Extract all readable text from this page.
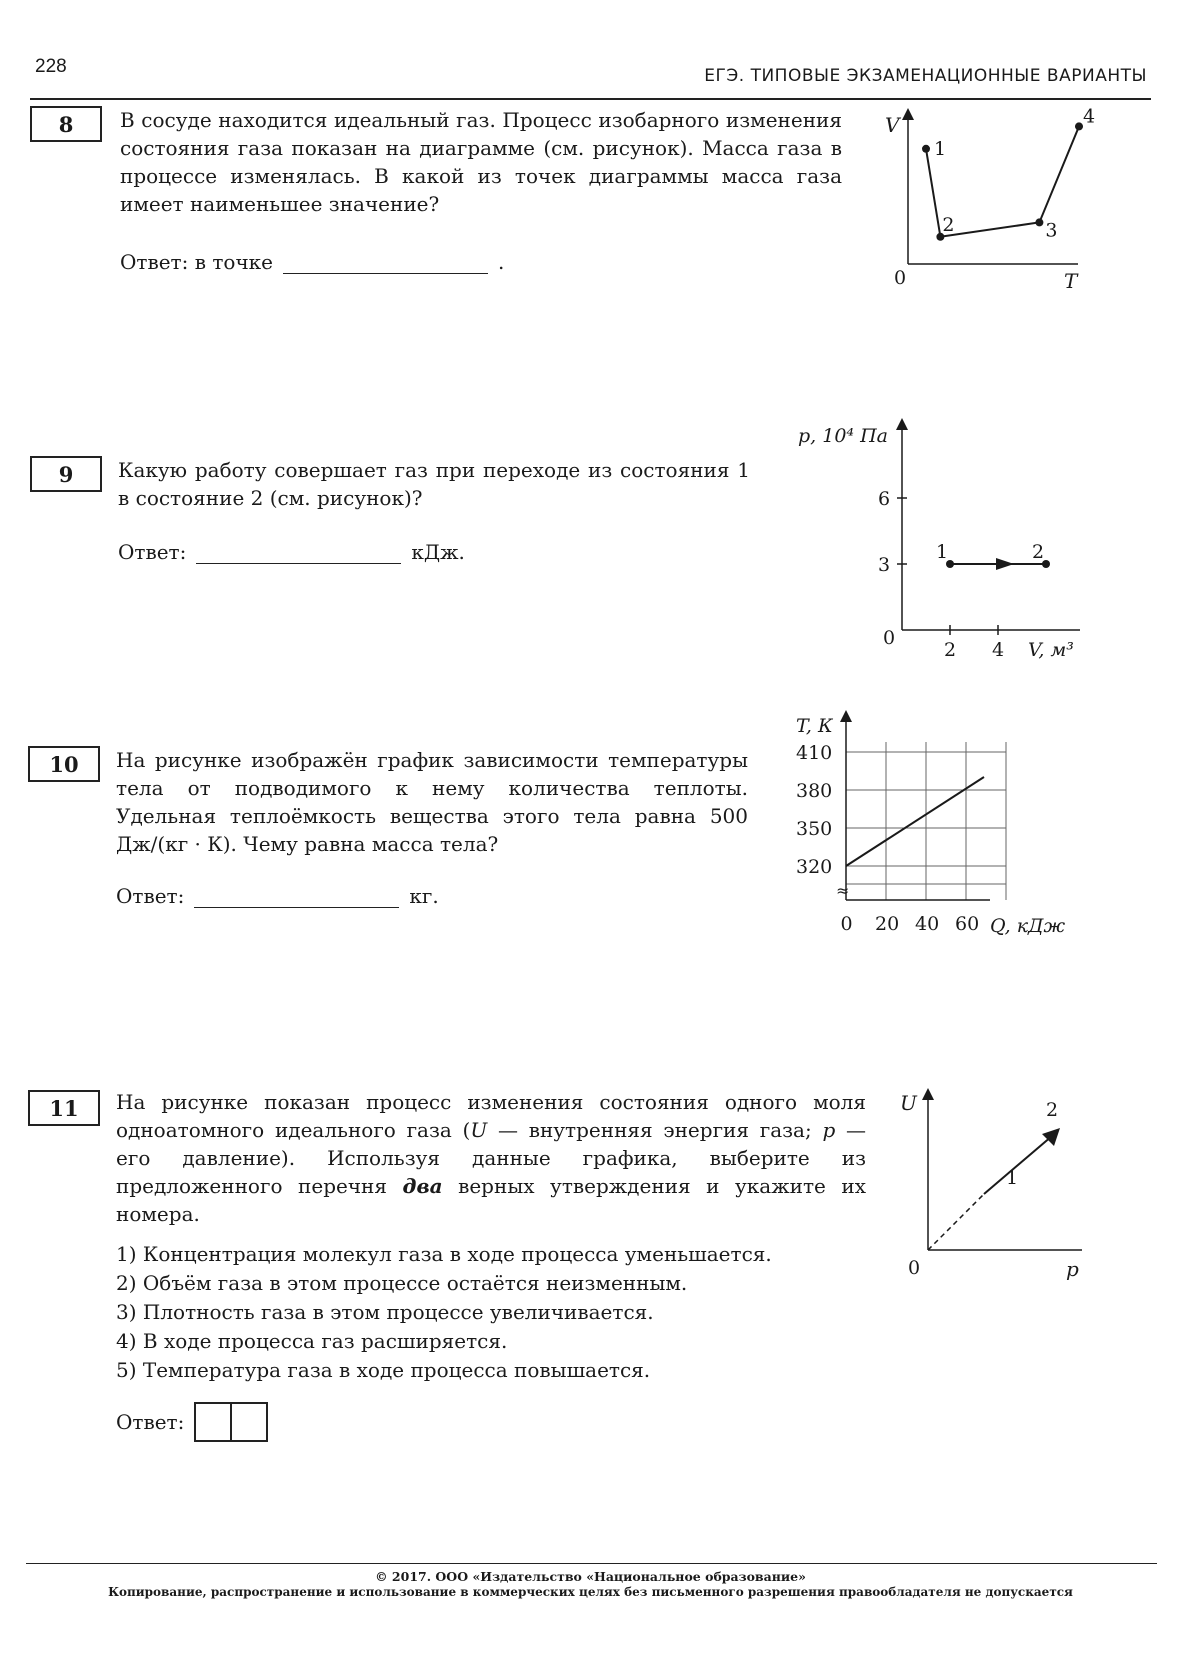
228	ЕГЭ. ТИПОВЫЕ ЭКЗАМЕНАЦИОННЫЕ ВАРИАНТЫ
8 В сосуде находится идеальный газ. Процесс изобарного изменения состояния газа показан на диаграмме (см. рисунок). Масса газа в процессе изменялась. В какой из точек диаграммы масса газа имеет наименьшее значение?
Ответ: в точке	.
V
T
0
1
2	3
4
9 Какую работу совершает газ при переходе из состояния 1 в состояние 2 (см. рисунок)?
Ответ:	кДж.
p, 10⁴ Па
V, м³
0
6
3
2 4
1	2
10 На рисунке изображён график зависимости температуры тела от подводимого к нему количества теплоты. Удельная теплоёмкость вещества этого тела равна 500 Дж/(кг · К). Чему равна масса тела?
Ответ:	кг.
T, К
Q, кДж
≈
410
380
350
320
0 20 40 60
11 На рисунке показан процесс изменения состояния одного моля одноатомного идеального газа (U — внутренняя энергия газа; p — его давление). Используя данные графика, выберите из предложенного перечня два верных утверждения и укажите их номера.
1) Концентрация молекул газа в ходе процесса уменьшается.
2) Объём газа в этом процессе остаётся неизменным.
3) Плотность газа в этом процессе увеличивается.
4) В ходе процесса газ расширяется.
5) Температура газа в ходе процесса повышается.
Ответ:
U
p
0
1
2
© 2017. ООО «Издательство «Национальное образование»
Копирование, распространение и использование в коммерческих целях без письменного разрешения правообладателя не допускается
